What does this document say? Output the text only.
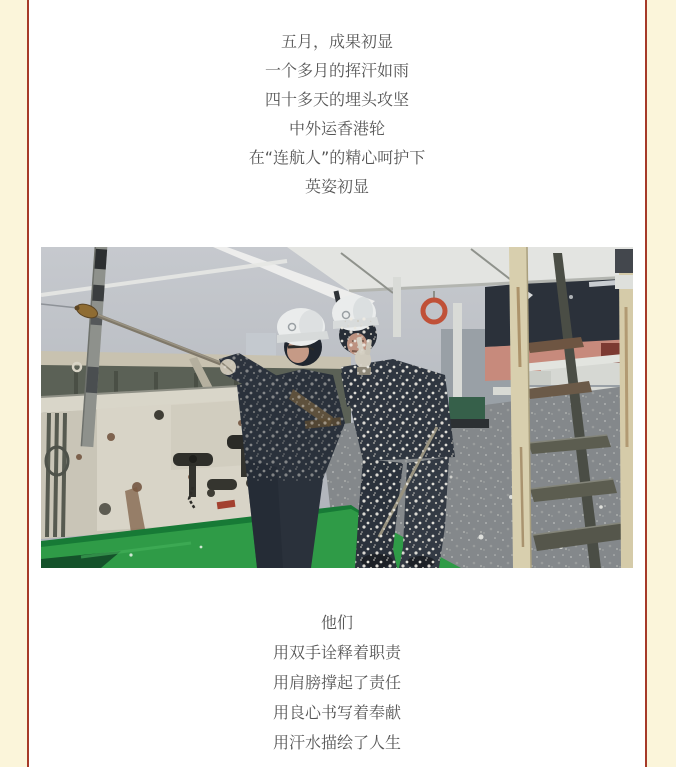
五月，成果初显

一个多月的挥汗如雨

四十多天的埋头攻坚

中外运香港轮

在“连航人”的精心呵护下

英姿初显

他们

用双手诠释着职责

用肩膀撑起了责任

用良心书写着奉献

用汗水描绘了人生
